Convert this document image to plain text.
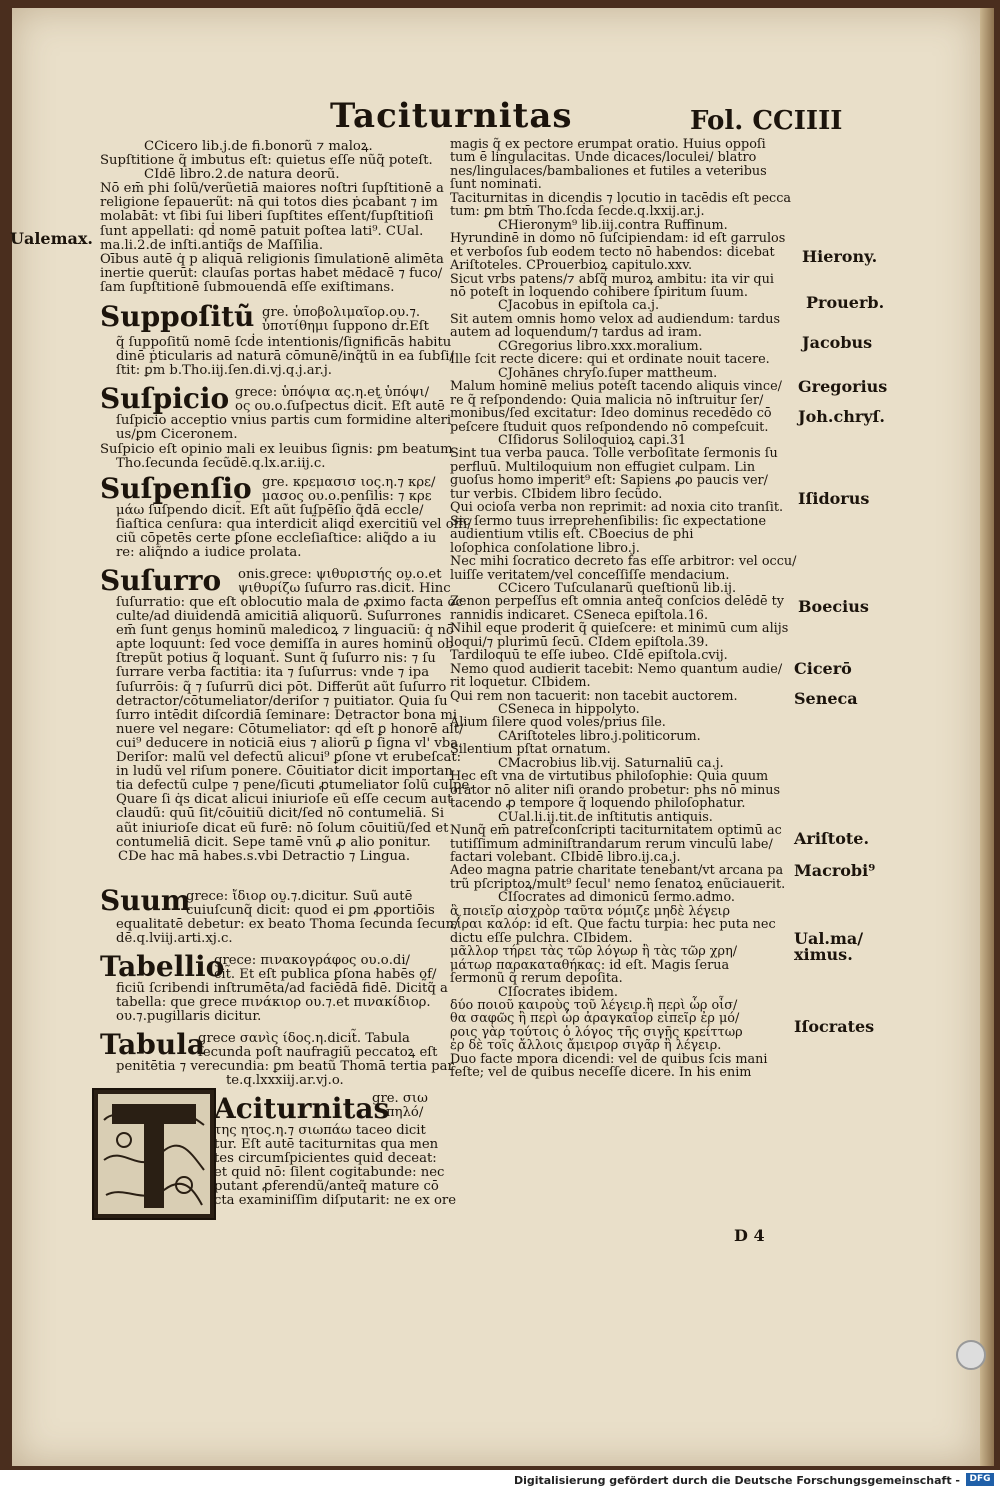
Taciturnitas	Fol. CCIIII
CCicero lib.j.de fi.bonorũ ⁊ maloꝝ.
Supſtitione q̃ imbutus eſt: quietus eſſe nũq̃ poteſt.
CIdē libro.2.de natura deorũ.
Nō em̄ phi ſolũ/verũetiā maiores noſtri ſupſtitionē a
religione ſepauerũt: nā qui totos dies ṗcabant ⁊ im
molabāt: vt ſibi ſui liberi ſupſtites eſſent/ſupſtitioſi
ſunt appellati: qḋ nomē patuit poſtea lati⁹. CUal.
ma.li.2.de inſti.antiq̃s de Maſſilia.
Oībus autē q̇ p aliquā religionis ſimulationē alimēta
inertie querūt: clauſas portas habet mēdacē ⁊ fuco/
ſam ſupſtitionē ſubmouendā eſſe exiſtimans.
Suppoſitũ gre. ὑποβολιμαῖορ.ου.⁊.
ὑποτίθημι ſuppono ḋr.Eſt
q̃ ſuppoſitũ nomē ſcḋe intentionis/ſignificās habitu
dinē ṗticularis ad naturā cōmunē/inq̃tũ in ea ſubſi/
ſtit: ꝑm b.Tho.iij.ſen.di.vj.q.j.ar.j.
Suſpicio grece: ὑπόψια ας.η.et ὑπόψι/
ος ου.ο.ſuſpectus dicit̃. Eſt autē
ſuſpicio acceptio vnius partis cum formidine alteri
us/ꝑm Ciceronem.
Suſpicio eſt opinio mali ex leuibus ſignis: ꝑm beatum
Tho.ſecunda ſecũdē.q.lx.ar.iij.c.
Suſpenſio gre. κρεμασισ ιος.η.⁊ κρε/
μασος ου.ο.penſilis: ⁊ κρε
μάω ſuſpendo dicit̃. Eſt aũt ſuſpēſio q̃dā eccle/
ſiaſtica cenſura: qua interdicit̃ aliqḋ exercitiũ vel offi/
ciũ cōpetēs certe ꝑſone eccleſiaſtice: aliq̃do a iu
re: aliq̃ndo a iudice prolata.
Suſurro onis.grece: ψιθυριστής ου.ο.et
ψιθυρίζω ſuſurro ras.dicit̃. Hinc
ſuſurratio: que eſt oblocutio mala de ꝓximo facta oc
culte/ad diuidendā amicitiā aliquorũ. Suſurrones
em̄ ſunt genus hominũ maledicoꝝ ⁊ linguaciũ: q̇ nō
apte loquunt̃: ſed voce demiſſa in aures hominũ ob
ſtrepũt potius q̃ loquanẗ. Sunt q̃ ſuſurro nis: ⁊ ſu
ſurrare verba factitia: ita ⁊ ſuſurrus: vnde ⁊ ipa
ſuſurrōis: q̃ ⁊ ſuſurrũ dici pōt. Differũt aũt ſuſurro
detractor/cōtumeliator/deriſor ⁊ puitiator. Quia ſu
ſurro intēdit diſcordiā ſeminare: Detractor bona mi
nuere vel negare: Cōtumeliator: qḋ eſt ꝑ honorē alt/
cui⁹ deducere in noticiā eius ⁊ aliorũ ꝑ ſigna vl' vba.
Deriſor: malũ vel defectũ alicui⁹ ꝑſone vt erubeſcat:
in ludũ vel riſum ponere. Cōuitiator dicit importan
tia defectũ culpe ⁊ pene/ſicuti ꝓtumeliator ſolũ culpe.
Quare ſi q̇s dicat alicui iniurioſe eũ eſſe cecum aut
claudũ: quū ſit/cōuitiũ dicit/ſed nō contumeliā. Si
aũt iniurioſe dicat eũ furē: nō ſolum cōuitiũ/ſed et
contumeliā dicit. Sepe tamē vnũ ꝓ alio ponitur.
CDe hac mā habes.s.vbi Detractio ⁊ Lingua.
Suum
grece: ἴδιορ ου.⁊.dicitur. Suũ autē
cuiuſcunq̃ dicit̃: quod ei ꝑm ꝓportiōis
equalitatē debetur: ex beato Thoma ſecunda ſecun/
dē.q.lviij.arti.xj.c.
Tabellio
grece: πινακογράφος ου.ο.di/
cit̃. Et eſt publica ꝑſona habēs of/
ficiũ ſcribendi inſtrumēta/ad faciēdā fidē. Dicit̃q̃ a
tabella: que grece πινάκιορ ου.⁊.et πινακίδιορ.
ου.⁊.pugillaris dicitur.
Tabula
grece σανὶς ίδος.η.dicit̃. Tabula
ſecunda poſt naufragiũ peccatoꝝ eſt
penitētia ⁊ verecundia: ꝑm beatũ Thomā tertia par
te.q.lxxxiij.ar.vj.o.
Aciturnitas
gre. σιω
πηλό/
της ητος.η.⁊ σιωπάω taceo dicit
tur. Eſt autē taciturnitas qua men
tes circumſpicientes quid deceat:
et quid nō: ſilent cogitabunde: nec
putant ꝓferendũ/anteq̃ mature cō
cta examiniſſim diſputarit: ne ex ore
magis q̃ ex pectore erumpat oratio. Huius oppoſi
tum ē lingulacitas. Unde dicaces/loculei/ blatro
nes/lingulaces/bambaliones et futiles a veteribus
ſunt nominati.
Taciturnitas in dicendis ⁊ locutio in tacēdis eſt pecca
tum: ꝑm btm̄ Tho.ſcḋa ſecḋe.q.lxxij.ar.j.
CHieronym⁹ lib.iij.contra Ruffinum.
Hyrundinē in domo nō ſuſcipiendam: id eſt garrulos
et verboſos ſub eodem tecto nō habendos: dicebat
Ariſtoteles. CProuerbioꝝ capitulo.xxv.
Sicut vrbs patens/⁊ abſq̃ muroꝝ ambitu: ita vir qui
nō poteſt in loquendo cohibere ſpiritum ſuum.
CJacobus in epiſtola ca.j.
Sit autem omnis homo velox ad audiendum: tardus
autem ad loquendum/⁊ tardus ad iram.
CGregorius libro.xxx.moralium.
Ille ſcit recte dicere: qui et ordinate nouit tacere.
CJohānes chryſo.ſuper mattheum.
Malum hominē melius poteſt tacendo aliquis vince/
re q̃ reſpondendo: Quia malicia nō inſtruitur ſer/
monibus/ſed excitatur: Ideo dominus recedēdo cō
peſcere ſtuduit quos reſpondendo nō compeſcuit.
CIſidorus Soliloquioꝝ capi.31
Sint tua verba pauca. Tolle verboſitate ſermonis ſu
perfluū. Multiloquium non effugiet culpam. Lin
guoſus homo imperit⁹ eſt: Sapiens ꝓo paucis ver/
tur verbis. CIbidem libro ſecũdo.
Qui ocioſa verba non reprimit: ad noxia cito tranſit.
Sic ſermo tuus irreprehenſibilis: ſic expectatione
audientium vtilis eſt. CBoecius de phi
loſophica conſolatione libro.j.
Nec mihi ſocratico decreto fas eſſe arbitror: vel occu/
luiſſe veritatem/vel conceſſiſſe mendacium.
CCicero Tuſculanarũ queſtionũ lib.ij.
Zenon perpeſſus eſt omnia anteq̃ conſcios delēdē ty
rannidis indicaret. CSeneca epiſtola.16.
Nihil eque proderit q̃ quieſcere: et minimū cum alijs
loqui/⁊ plurimū ſecū. CIdem epiſtola.39.
Tardiloquū te eſſe iubeo. CIdē epiſtola.cvij.
Nemo quod audierit tacebit: Nemo quantum audie/
rit loquetur. CIbidem.
Qui rem non tacuerit: non tacebit auctorem.
CSeneca in hippolyto.
Alium ſilere quod voles/prius ſile.
CAriſtoteles libro.j.politicorum.
Silentium pſtat ornatum.
CMacrobius lib.vij. Saturnaliū ca.j.
Hec eſt vna de virtutibus philoſophie: Quia quum
orator nō aliter niſi orando probetur: phs nō minus
tacendo ꝓ tempore q̃ loquendo philoſophatur.
CUal.li.ij.tit.de inſtitutis antiquis.
Nunq̃ em̄ patreſconſcripti taciturnitatem optimū ac
tutiſſimum adminiſtrandarum rerum vinculū labe/
factari volebant. CIbidē libro.ij.ca.j.
Adeo magna patrie charitate tenebant/vt arcana pa
trũ pſcriptoꝝ/mult⁹ ſecul' nemo ſenatoꝝ enũciauerit.
CIſocrates ad dimonicū ſermo.admo.
ἃ ποιεῖρ αἰσχρὸρ ταῦτα νόμιζε μηδὲ λέγειρ
εἶραι καλόρ: id eſt. Que factu turpia: hec puta nec
dictu eſſe pulchra. CIbidem.
μᾶλλορ τήρει τὰς τῶρ λόγωρ ἢ τὰς τῶρ χρη/
μάτωρ παρακαταθήκας: id eſt. Magis ſerua
ſermonũ q̃ rerum depoſita.
CIſocrates ibidem.
δύο ποιοῦ καιροὺς τοῦ λέγειρ.ἢ περὶ ὧρ οἶσ/
θα σαφῶς ἢ περὶ ὧρ ἀραγκαῖορ εἰπεῖρ ἐρ μό/
ροις γὰρ τούτοις ὁ λόγος τῆς σιγῆς κρείττωρ
ἐρ δὲ τοῖς ἄλλοις ἄμειρορ σιγᾶρ ἢ λέγειρ.
Duo facte mpora dicendi: vel de quibus ſcis mani
feſte; vel de quibus neceſſe dicere. In his enim
D 4
Ualemax.
Hierony.
Prouerb.
Jacobus
Gregorius
Joh.chryſ.
Iſidorus
Boecius
Cicerō
Seneca
Ariſtote.
Macrobi⁹
Ual.ma/
ximus.
Iſocrates
Digitalisierung gefördert durch die Deutsche Forschungsgemeinschaft -	DFG
